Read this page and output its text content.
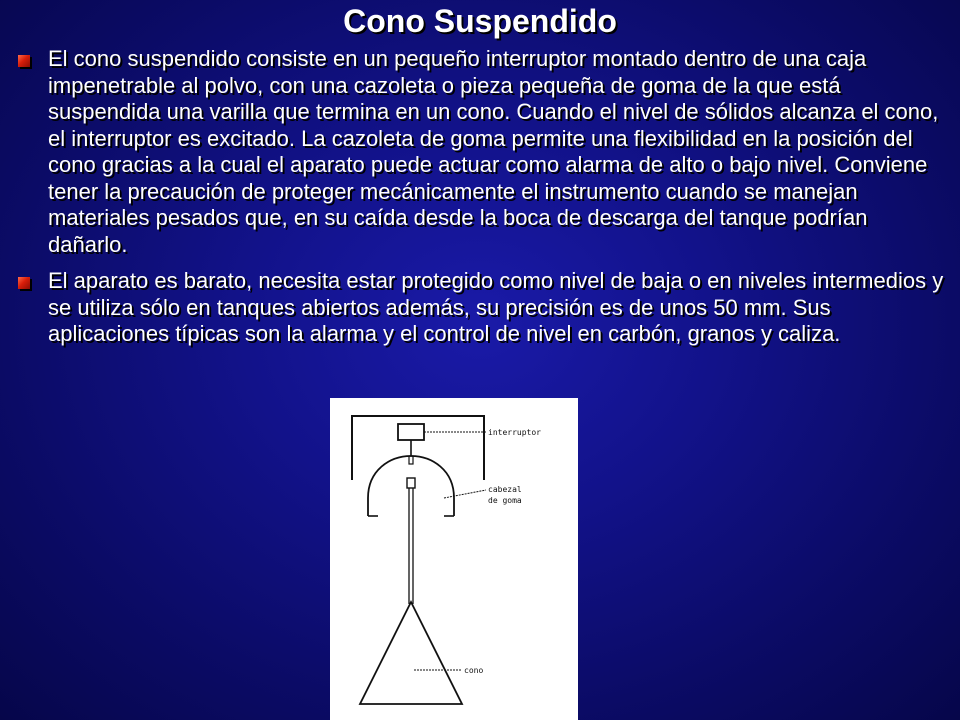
Cono Suspendido
El cono suspendido consiste en un pequeño interruptor montado dentro de una caja impenetrable al polvo, con una cazoleta o pieza pequeña de goma de la que está suspendida una varilla que termina en un cono. Cuando el nivel de sólidos alcanza el cono, el interruptor es excitado. La cazoleta de goma permite una flexibilidad en la posición del cono gracias a la cual el aparato puede actuar como alarma de alto o bajo nivel. Conviene tener la precaución de proteger mecánicamente el instrumento cuando se manejan materiales pesados que, en su caída desde la boca de descarga del tanque podrían dañarlo.
El aparato es barato, necesita estar protegido como nivel de baja o en niveles intermedios y se utiliza sólo en tanques abiertos además, su precisión es de unos 50 mm. Sus aplicaciones típicas son la alarma y el control de nivel en carbón, granos y caliza.
interruptor
cabezal
de goma
cono
